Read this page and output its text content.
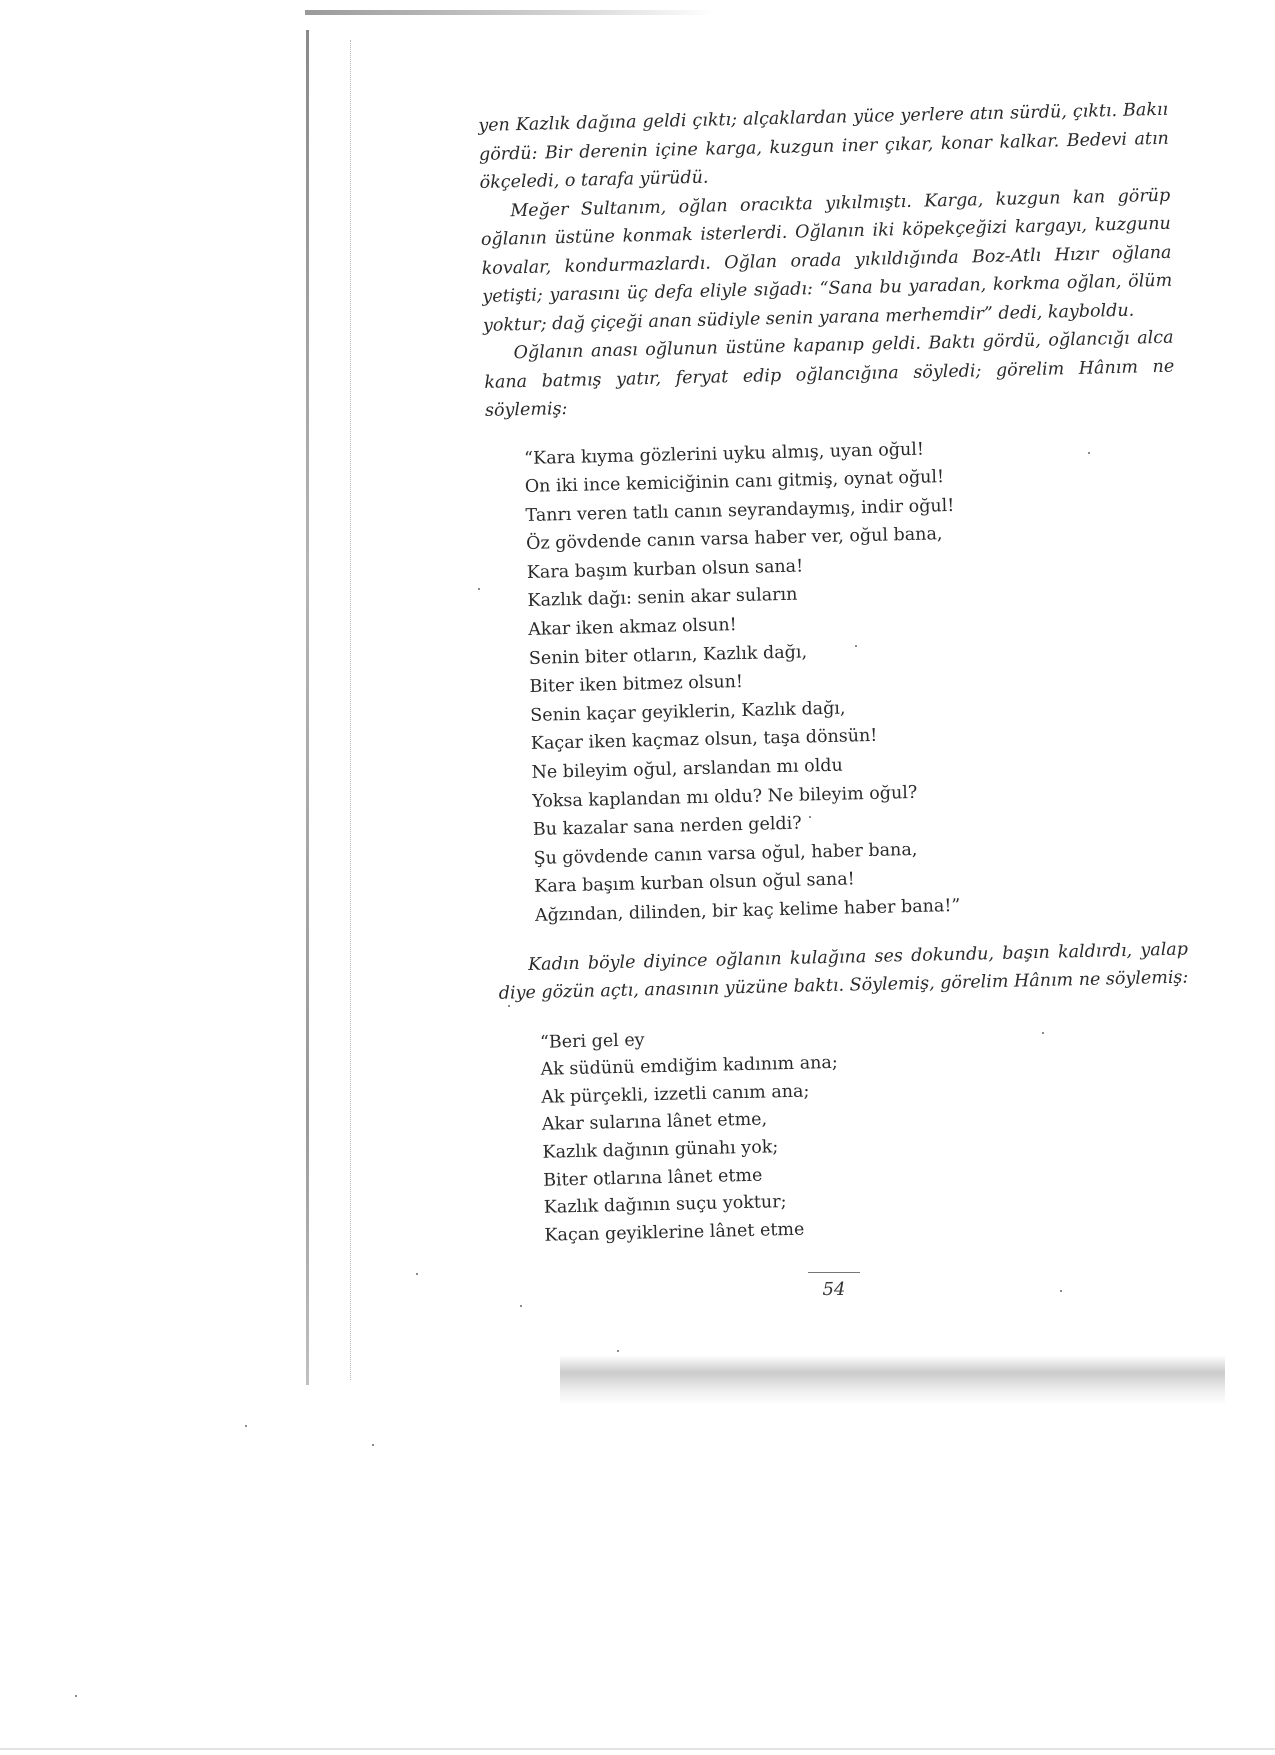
yen Kazlık dağına geldi çıktı; alçaklardan yüce yerlere atın sürdü, çıktı. Bakıı gördü: Bir derenin içine karga, kuzgun iner çıkar, konar kalkar. Bedevi atın ökçeledi, o tarafa yürüdü.

Meğer Sultanım, oğlan oracıkta yıkılmıştı. Karga, kuzgun kan görüp oğlanın üstüne konmak isterlerdi. Oğlanın iki köpekçeğizi kargayı, kuzgunu kovalar, kondurmazlardı. Oğlan orada yıkıldığında Boz-Atlı Hızır oğlana yetişti; yarasını üç defa eliyle sığadı: “Sana bu yaradan, korkma oğlan, ölüm yoktur; dağ çiçeği anan südiyle senin yarana merhemdir” dedi, kayboldu.

Oğlanın anası oğlunun üstüne kapanıp geldi. Baktı gördü, oğlancığı alca kana batmış yatır, feryat edip oğlancığına söyledi; görelim Hânım ne söylemiş:

“Kara kıyma gözlerini uyku almış, uyan oğul!
On iki ince kemiciğinin canı gitmiş, oynat oğul!
Tanrı veren tatlı canın seyrandaymış, indir oğul!
Öz gövdende canın varsa haber ver, oğul bana,
Kara başım kurban olsun sana!
Kazlık dağı: senin akar suların
Akar iken akmaz olsun!
Senin biter otların, Kazlık dağı,
Biter iken bitmez olsun!
Senin kaçar geyiklerin, Kazlık dağı,
Kaçar iken kaçmaz olsun, taşa dönsün!
Ne bileyim oğul, arslandan mı oldu
Yoksa kaplandan mı oldu? Ne bileyim oğul?
Bu kazalar sana nerden geldi?
Şu gövdende canın varsa oğul, haber bana,
Kara başım kurban olsun oğul sana!
Ağzından, dilinden, bir kaç kelime haber bana!”

Kadın böyle diyince oğlanın kulağına ses dokundu, başın kaldırdı, yalap diye gözün açtı, anasının yüzüne baktı. Söylemiş, görelim Hânım ne söylemiş:

“Beri gel ey
Ak südünü emdiğim kadınım ana;
Ak pürçekli, izzetli canım ana;
Akar sularına lânet etme,
Kazlık dağının günahı yok;
Biter otlarına lânet etme
Kazlık dağının suçu yoktur;
Kaçan geyiklerine lânet etme
54
